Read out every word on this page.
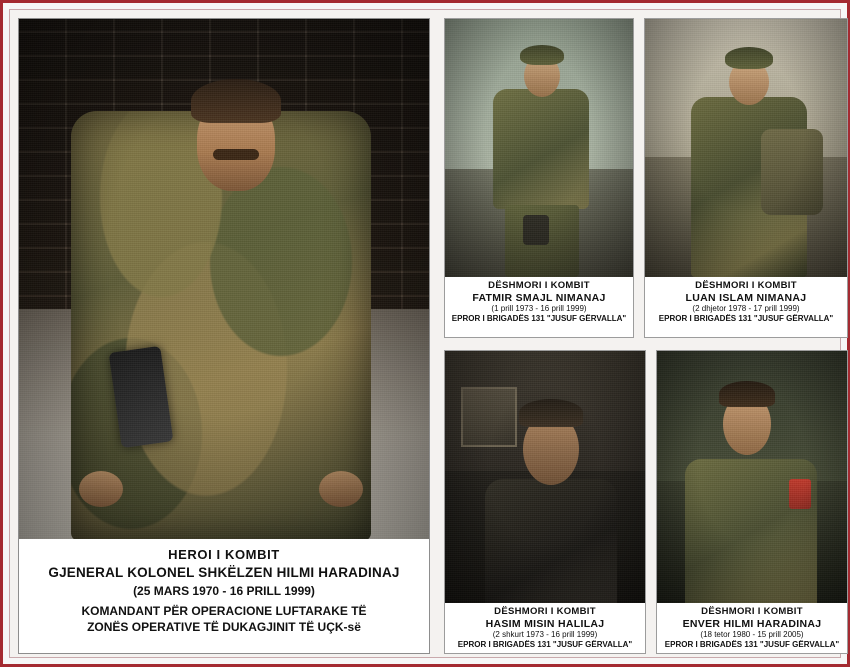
HEROI I KOMBIT
GJENERAL KOLONEL SHKËLZEN HILMI HARADINAJ
(25 MARS 1970 - 16 PRILL 1999)
KOMANDANT PËR OPERACIONE LUFTARAKE TË
ZONËS OPERATIVE TË DUKAGJINIT TË UÇK-së
DËSHMORI I KOMBIT
FATMIR SMAJL NIMANAJ
(1 prill 1973 - 16 prill 1999)
EPROR I BRIGADËS 131 "JUSUF GËRVALLA"
DËSHMORI I KOMBIT
LUAN ISLAM NIMANAJ
(2 dhjetor 1978 - 17 prill 1999)
EPROR I BRIGADËS 131 "JUSUF GËRVALLA"
DËSHMORI I KOMBIT
HASIM MISIN HALILAJ
(2 shkurt 1973 - 16 prill 1999)
EPROR I BRIGADËS 131 "JUSUF GËRVALLA"
DËSHMORI I KOMBIT
ENVER HILMI HARADINAJ
(18 tetor 1980 - 15 prill 2005)
EPROR I BRIGADËS 131 "JUSUF GËRVALLA"
